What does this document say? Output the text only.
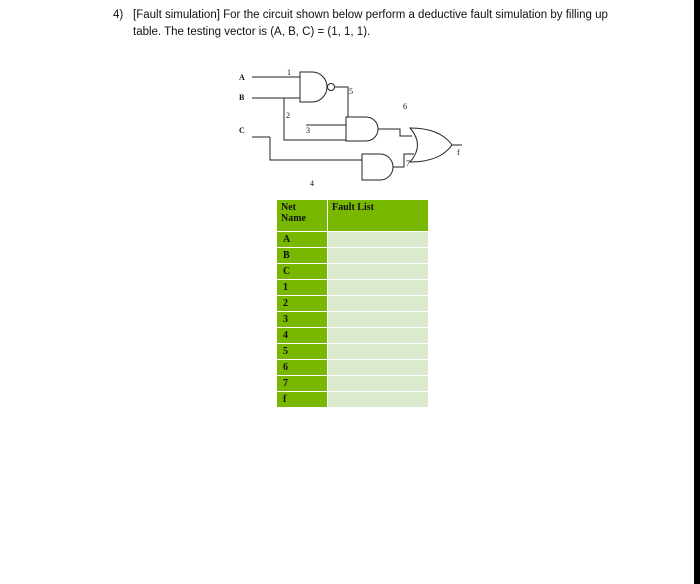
4) [Fault simulation] For the circuit shown below perform a deductive fault simulation by filling up
table. The testing vector is (A, B, C) = (1, 1, 1).
A
B
C
1
2
3
4
5
6
7
f
Net
Name	Fault List
A	
B	
C	
1	
2	
3	
4	
5	
6	
7	
f	
